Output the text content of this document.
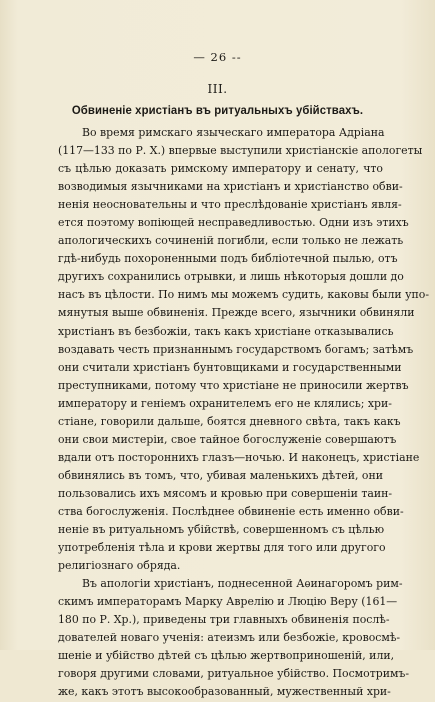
— 26 --
III.
Обвиненіе христіанъ въ ритуальныхъ убійствахъ.
Во время римскаго языческаго императора Адріана
(117—133 по Р. Х.) впервые выступили христіанскіе апологеты
съ цѣлью доказать римскому императору и сенату, что
возводимыя язычниками на христіанъ и христіанство обви-
ненія неосновательны и что преслѣдованіе христіанъ явля-
ется поэтому вопіющей несправедливостью. Одни изъ этихъ
апологическихъ сочиненій погибли, если только не лежать
гдѣ-нибудь похороненными подъ библіотечной пылью, отъ
другихъ сохранились отрывки, и лишь нѣкоторыя дошли до
насъ въ цѣлости. По нимъ мы можемъ судить, каковы были упо-
мянутыя выше обвиненія. Прежде всего, язычники обвиняли
христіанъ въ безбожіи, такъ какъ христіане отказывались
воздавать честь признаннымъ государствомъ богамъ; затѣмъ
они считали христіанъ бунтовщиками и государственными
преступниками, потому что христіане не приносили жертвъ
императору и геніемъ охранителемъ его не клялись; хри-
стіане, говорили дальше, боятся дневного свѣта, такъ какъ
они свои мистеріи, свое тайное богослуженіе совершаютъ
вдали отъ постороннихъ глазъ—ночью. И наконецъ, христіане
обвинялись въ томъ, что, убивая маленькихъ дѣтей, они
пользовались ихъ мясомъ и кровью при совершеніи таин-
ства богослуженія. Послѣднее обвиненіе есть именно обви-
неніе въ ритуальномъ убійствѣ, совершенномъ съ цѣлью
употребленія тѣла и крови жертвы для того или другого
религіознаго обряда.
Въ апологіи христіанъ, поднесенной Аѳинагоромъ рим-
скимъ императорамъ Марку Аврелію и Люцію Веру (161—
180 по Р. Хр.), приведены три главныхъ обвиненія послѣ-
дователей новаго ученія: атеизмъ или безбожіе, кровосмѣ-
шеніе и убійство дѣтей съ цѣлью жертвоприношеній, или,
говоря другими словами, ритуальное убійство. Посмотримъ-
же, какъ этотъ высокообразованный, мужественный хри-
